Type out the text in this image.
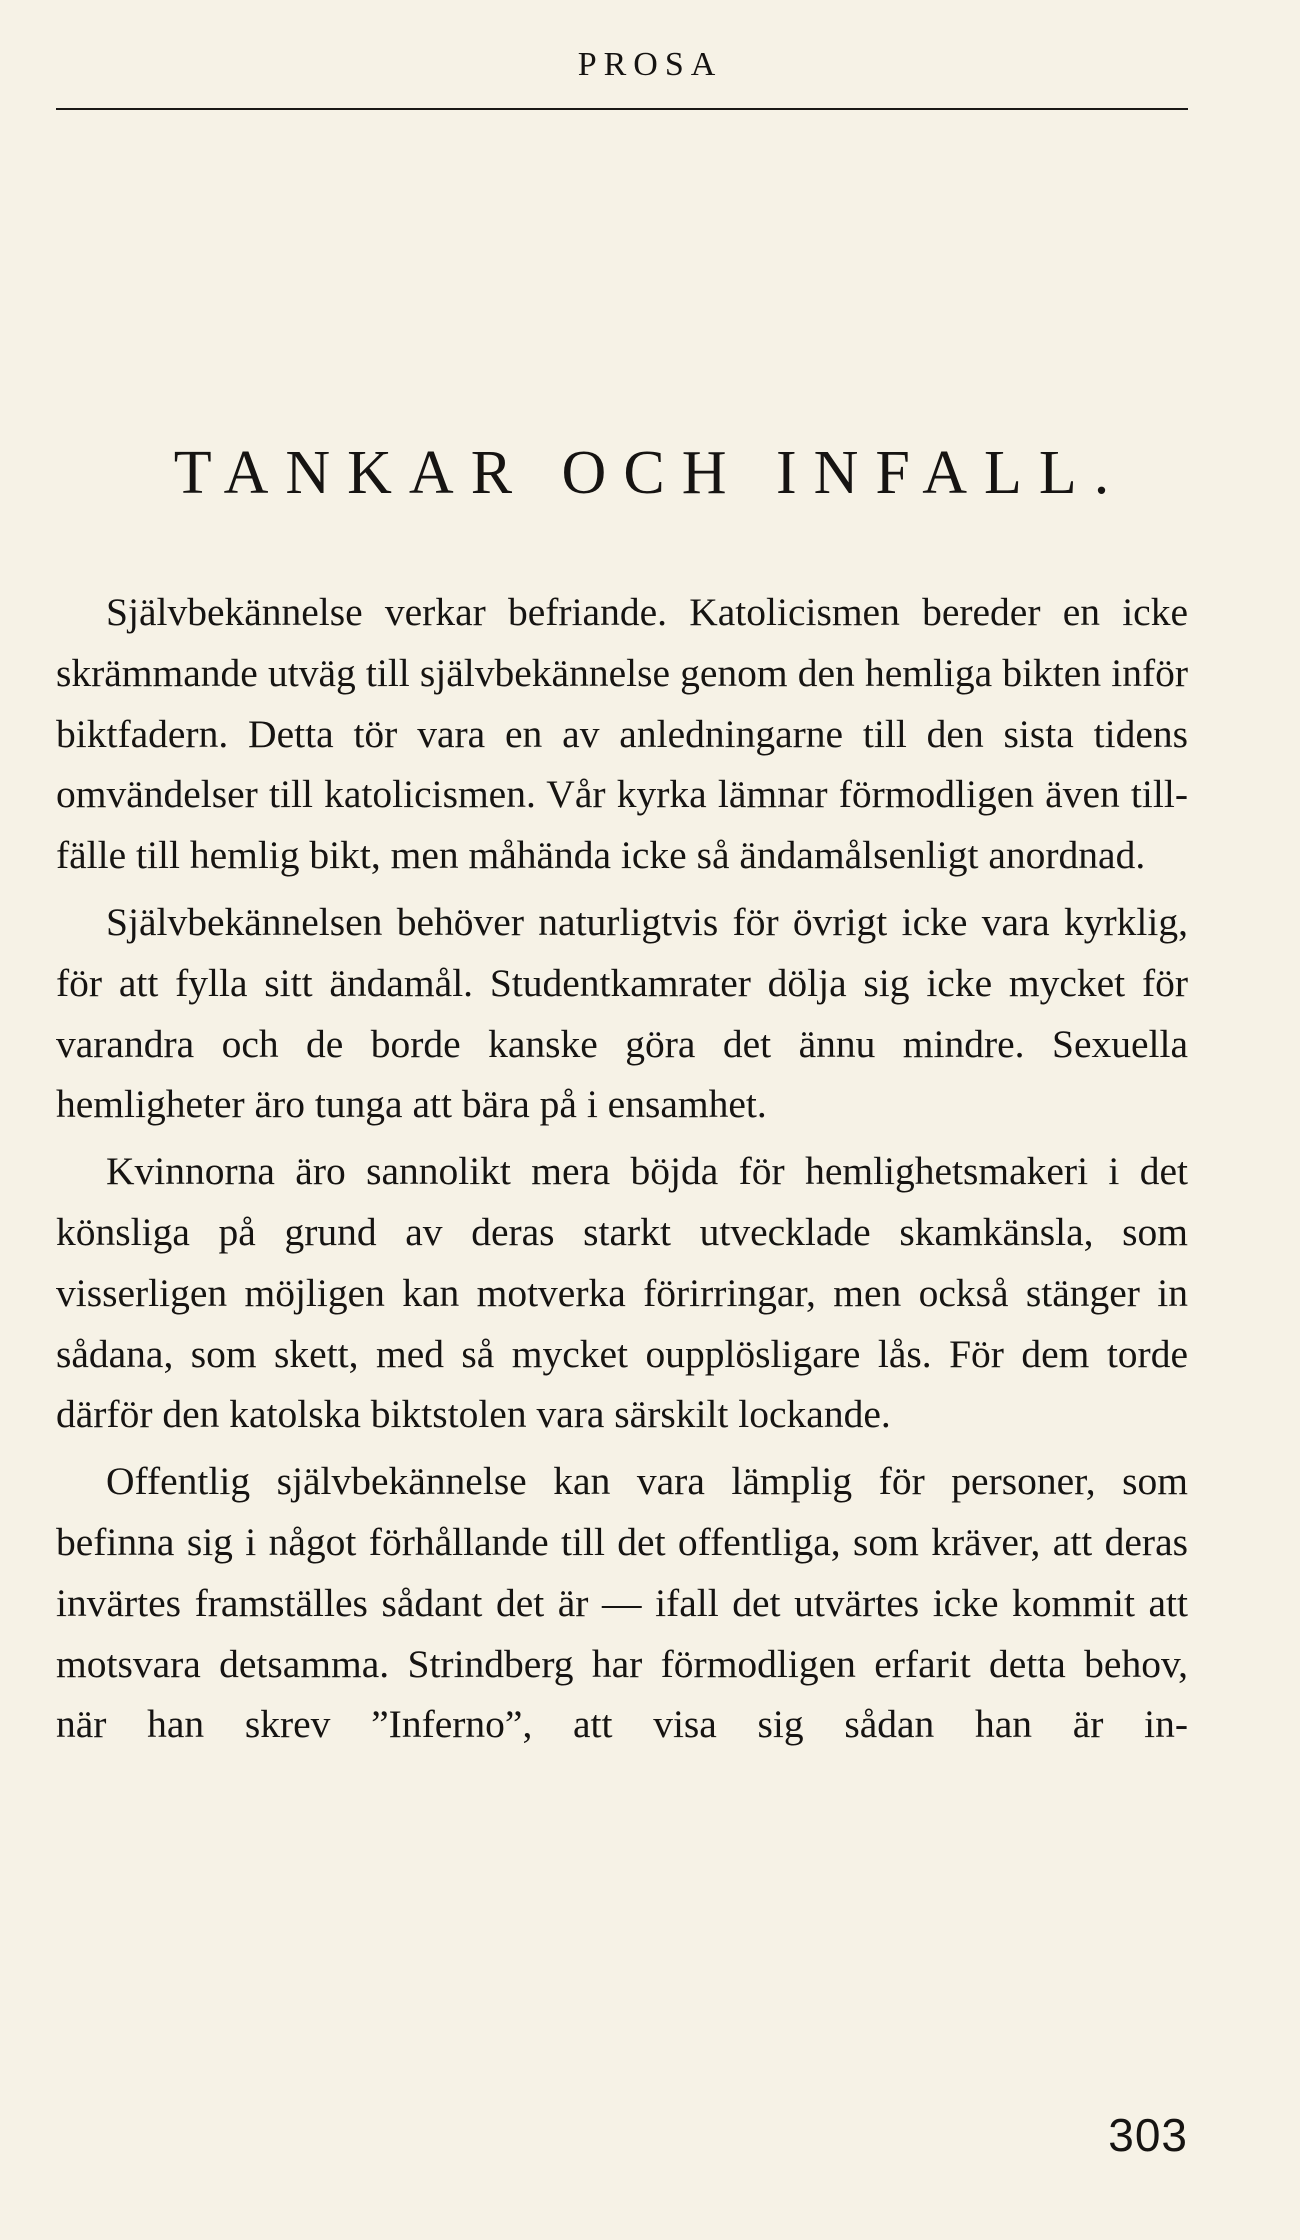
PROSA
TANKAR OCH INFALL.

Självbekännelse verkar befriande. Katolicismen bereder en icke skrämmande utväg till självbekännelse genom den hemliga bikten inför biktfadern. Detta tör vara en av anledningarne till den sista tidens omvändelser till katolicismen. Vår kyrka lämnar förmodligen även tillfälle till hemlig bikt, men måhända icke så ändamålsenligt anordnad.

Självbekännelsen behöver naturligtvis för övrigt icke vara kyrklig, för att fylla sitt ändamål. Studentkamrater dölja sig icke mycket för varandra och de borde kanske göra det ännu mindre. Sexuella hemligheter äro tunga att bära på i ensamhet.

Kvinnorna äro sannolikt mera böjda för hemlighetsmakeri i det könsliga på grund av deras starkt utvecklade skamkänsla, som visserligen möjligen kan motverka förirringar, men också stänger in sådana, som skett, med så mycket oupplösligare lås. För dem torde därför den katolska biktstolen vara särskilt lockande.

Offentlig självbekännelse kan vara lämplig för personer, som befinna sig i något förhållande till det offentliga, som kräver, att deras invärtes framställes sådant det är — ifall det utvärtes icke kommit att motsvara detsamma. Strindberg har förmodligen erfarit detta behov, när han skrev ”Inferno”, att visa sig sådan han är in-

303
